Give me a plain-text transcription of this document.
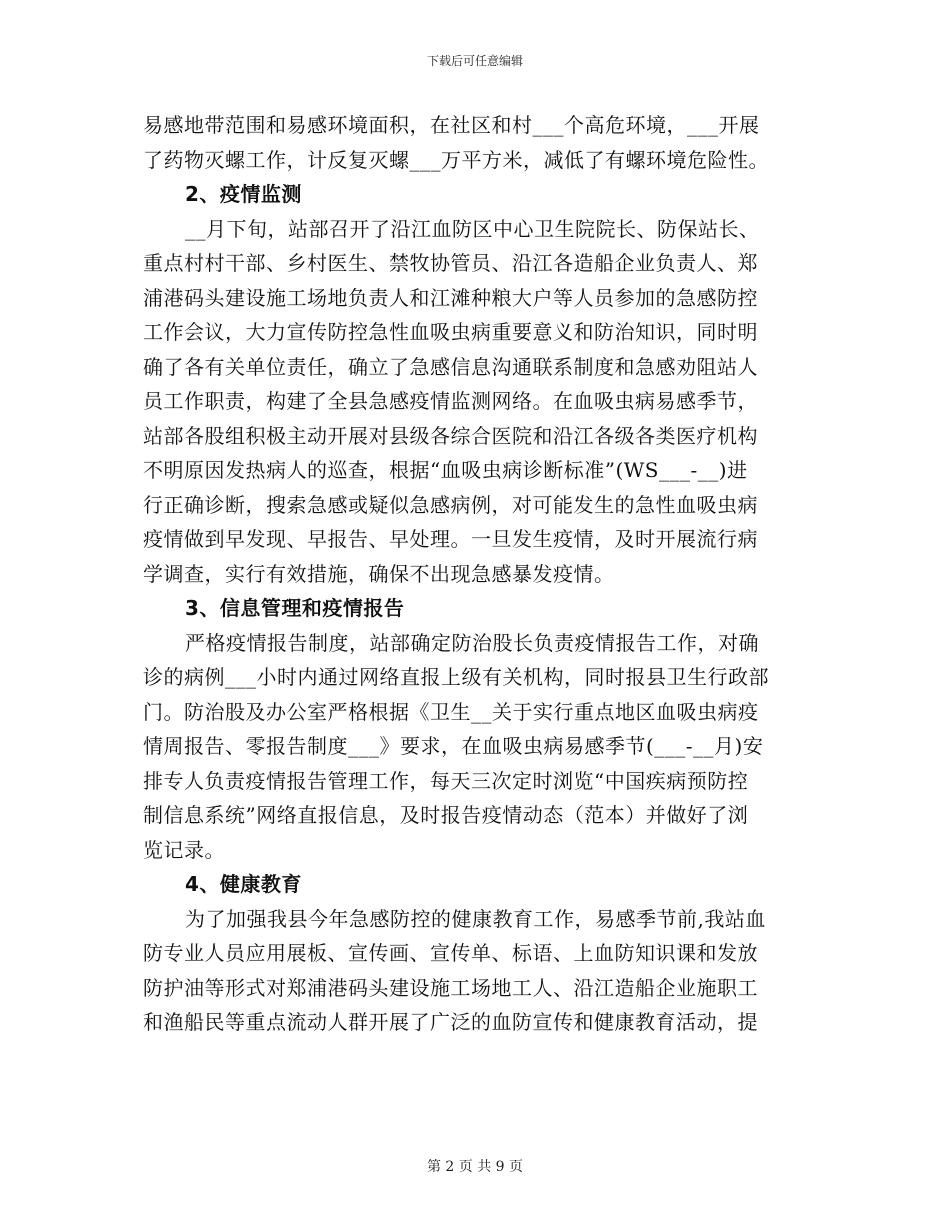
下载后可任意编辑
易感地带范围和易感环境面积，在社区和村___个高危环境，___开展
了药物灭螺工作，计反复灭螺___万平方米，减低了有螺环境危险性。
2、疫情监测
__月下旬，站部召开了沿江血防区中心卫生院院长、防保站长、
重点村村干部、乡村医生、禁牧协管员、沿江各造船企业负责人、郑
浦港码头建设施工场地负责人和江滩种粮大户等人员参加的急感防控
工作会议，大力宣传防控急性血吸虫病重要意义和防治知识，同时明
确了各有关单位责任，确立了急感信息沟通联系制度和急感劝阻站人
员工作职责，构建了全县急感疫情监测网络。在血吸虫病易感季节，
站部各股组积极主动开展对县级各综合医院和沿江各级各类医疗机构
不明原因发热病人的巡查，根据“血吸虫病诊断标准”(WS___-__)进
行正确诊断，搜索急感或疑似急感病例，对可能发生的急性血吸虫病
疫情做到早发现、早报告、早处理。一旦发生疫情，及时开展流行病
学调查，实行有效措施，确保不出现急感暴发疫情。
3、信息管理和疫情报告
严格疫情报告制度，站部确定防治股长负责疫情报告工作，对确
诊的病例___小时内通过网络直报上级有关机构，同时报县卫生行政部
门。防治股及办公室严格根据《卫生__关于实行重点地区血吸虫病疫
情周报告、零报告制度___》要求，在血吸虫病易感季节(___-__月)安
排专人负责疫情报告管理工作，每天三次定时浏览“中国疾病预防控
制信息系统”网络直报信息，及时报告疫情动态（范本）并做好了浏
览记录。
4、健康教育
为了加强我县今年急感防控的健康教育工作，易感季节前,我站血
防专业人员应用展板、宣传画、宣传单、标语、上血防知识课和发放
防护油等形式对郑浦港码头建设施工场地工人、沿江造船企业施职工
和渔船民等重点流动人群开展了广泛的血防宣传和健康教育活动，提
第 2 页 共 9 页
